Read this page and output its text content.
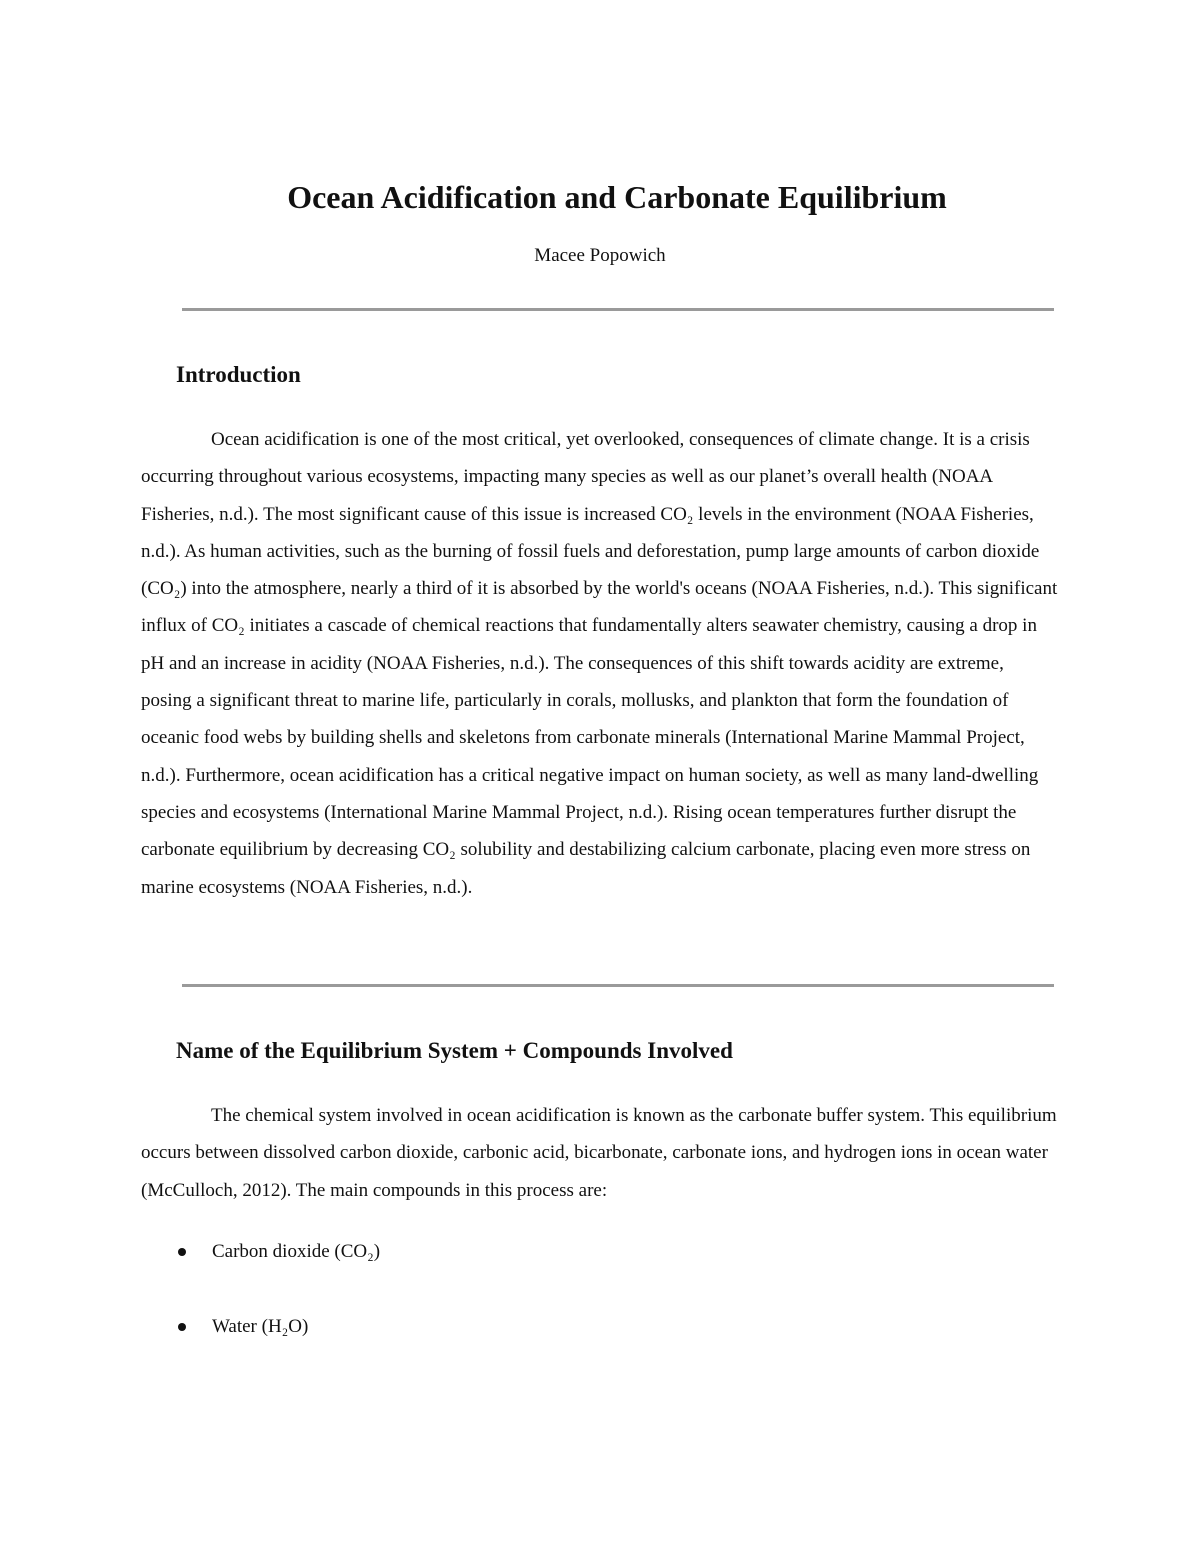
Ocean Acidification and Carbonate Equilibrium
Macee Popowich
Introduction

Ocean acidification is one of the most critical, yet overlooked, consequences of climate change. It is a crisis occurring throughout various ecosystems, impacting many species as well as our planet’s overall health (NOAA Fisheries, n.d.). The most significant cause of this issue is increased CO₂ levels in the environment (NOAA Fisheries, n.d.). As human activities, such as the burning of fossil fuels and deforestation, pump large amounts of carbon dioxide (CO₂) into the atmosphere, nearly a third of it is absorbed by the world's oceans (NOAA Fisheries, n.d.). This significant influx of CO₂ initiates a cascade of chemical reactions that fundamentally alters seawater chemistry, causing a drop in pH and an increase in acidity (NOAA Fisheries, n.d.). The consequences of this shift towards acidity are extreme, posing a significant threat to marine life, particularly in corals, mollusks, and plankton that form the foundation of oceanic food webs by building shells and skeletons from carbonate minerals (International Marine Mammal Project, n.d.). Furthermore, ocean acidification has a critical negative impact on human society, as well as many land-dwelling species and ecosystems (International Marine Mammal Project, n.d.). Rising ocean temperatures further disrupt the carbonate equilibrium by decreasing CO₂ solubility and destabilizing calcium carbonate, placing even more stress on marine ecosystems (NOAA Fisheries, n.d.).

Name of the Equilibrium System + Compounds Involved

The chemical system involved in ocean acidification is known as the carbonate buffer system. This equilibrium occurs between dissolved carbon dioxide, carbonic acid, bicarbonate, carbonate ions, and hydrogen ions in ocean water (McCulloch, 2012). The main compounds in this process are:

Carbon dioxide (CO₂)
Water (H₂O)
